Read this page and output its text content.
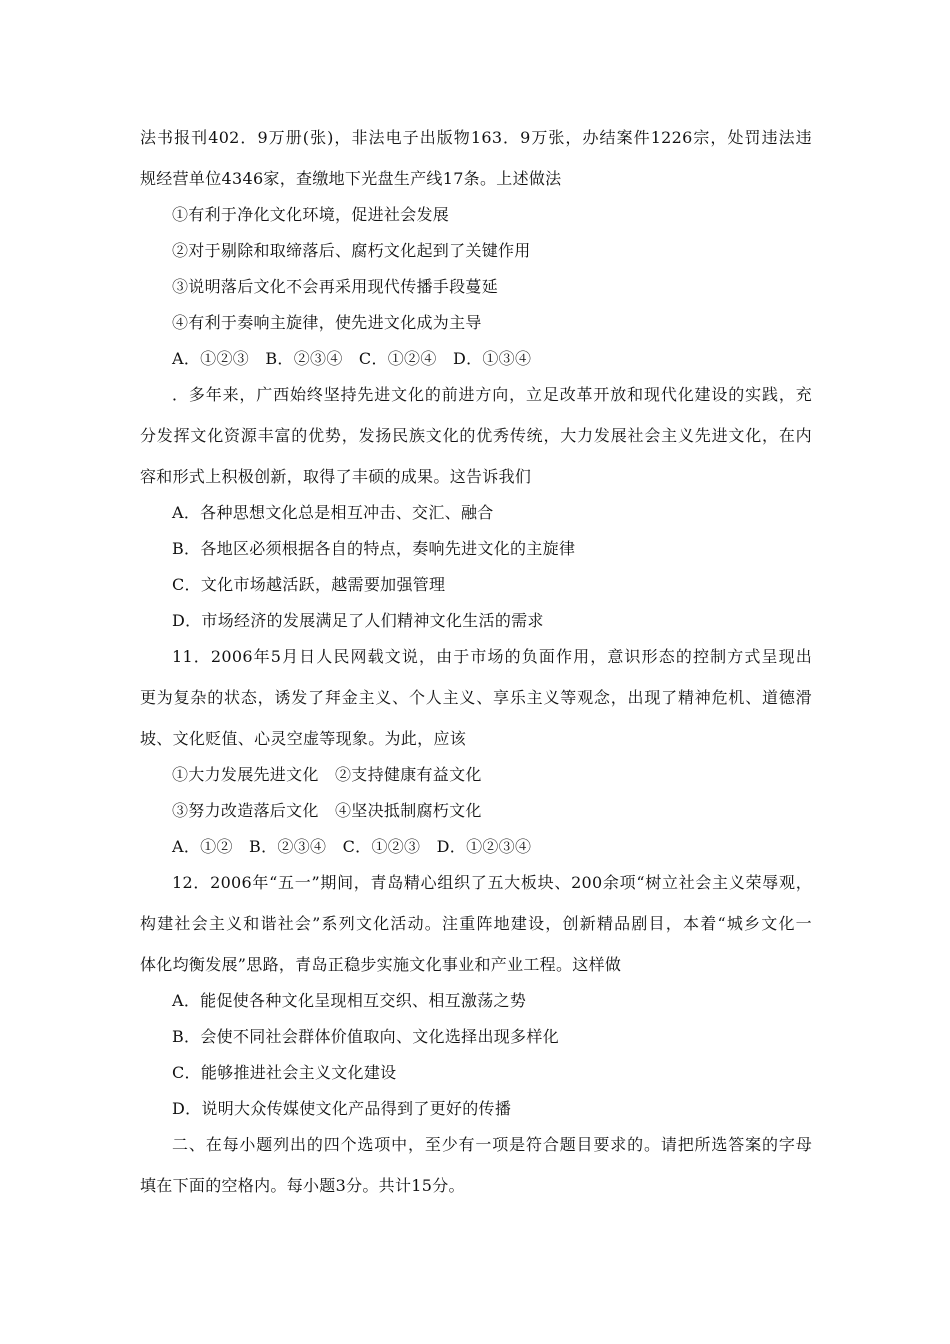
法书报刊402．9万册(张)，非法电子出版物163．9万张，办结案件1226宗，处罚违法违
规经营单位4346家，查缴地下光盘生产线17条。上述做法
①有利于净化文化环境，促进社会发展
②对于剔除和取缔落后、腐朽文化起到了关键作用
③说明落后文化不会再采用现代传播手段蔓延
④有利于奏响主旋律，使先进文化成为主导
A．①②③　B．②③④　C．①②④　D．①③④
．多年来，广西始终坚持先进文化的前进方向，立足改革开放和现代化建设的实践，充
分发挥文化资源丰富的优势，发扬民族文化的优秀传统，大力发展社会主义先进文化，在内
容和形式上积极创新，取得了丰硕的成果。这告诉我们
A．各种思想文化总是相互冲击、交汇、融合
B．各地区必须根据各自的特点，奏响先进文化的主旋律
C．文化市场越活跃，越需要加强管理
D．市场经济的发展满足了人们精神文化生活的需求
11．2006年5月日人民网载文说，由于市场的负面作用，意识形态的控制方式呈现出
更为复杂的状态，诱发了拜金主义、个人主义、享乐主义等观念，出现了精神危机、道德滑
坡、文化贬值、心灵空虚等现象。为此，应该
①大力发展先进文化　②支持健康有益文化
③努力改造落后文化　④坚决抵制腐朽文化
A．①②　B．②③④　C．①②③　D．①②③④
12．2006年“五一”期间，青岛精心组织了五大板块、200余项“树立社会主义荣辱观，
构建社会主义和谐社会”系列文化活动。注重阵地建设，创新精品剧目，本着“城乡文化一
体化均衡发展”思路，青岛正稳步实施文化事业和产业工程。这样做
A．能促使各种文化呈现相互交织、相互激荡之势
B．会使不同社会群体价值取向、文化选择出现多样化
C．能够推进社会主义文化建设
D．说明大众传媒使文化产品得到了更好的传播
二、在每小题列出的四个选项中，至少有一项是符合题目要求的。请把所选答案的字母
填在下面的空格内。每小题3分。共计15分。
